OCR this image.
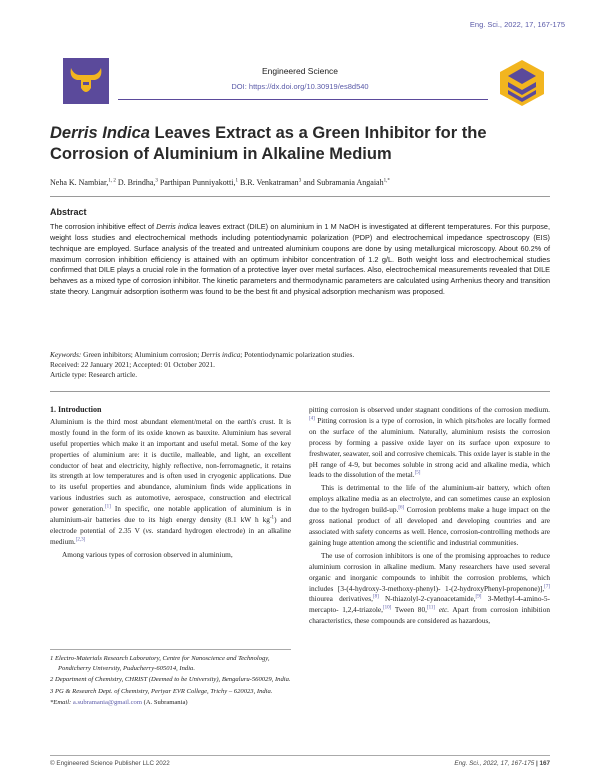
Eng. Sci., 2022, 17, 167-175
Engineered Science
DOI: https://dx.doi.org/10.30919/es8d540
Derris Indica Leaves Extract as a Green Inhibitor for the Corrosion of Aluminium in Alkaline Medium
Neha K. Nambiar,$^{1, 2}$ D. Brindha,$^3$ Parthipan Punniyakotti,$^1$ B.R. Venkatraman$^3$ and Subramania Angaiah$^{1,*}$
Abstract
The corrosion inhibitive effect of Derris indica leaves extract (DILE) on aluminium in 1 M NaOH is investigated at different temperatures. For this purpose, weight loss studies and electrochemical methods including potentiodynamic polarization (PDP) and electrochemical impedance spectroscopy (EIS) technique are employed. Surface analysis of the treated and untreated aluminium coupons are done by using metallurgical microscopy. About 60.2% of maximum corrosion inhibition efficiency is attained with an optimum inhibitor concentration of 1.2 g/L. Both weight loss and electrochemical studies confirmed that DILE plays a crucial role in the formation of a protective layer over metal surfaces. Also, electrochemical measurements revealed that DILE behaves as a mixed type of corrosion inhibitor. The kinetic parameters and thermodynamic parameters are calculated using Arrhenius theory and transition state theory. Langmuir adsorption isotherm was found to be the best fit and physical adsorption mechanism was proposed.
Keywords: Green inhibitors; Aluminium corrosion; Derris indica; Potentiodynamic polarization studies.
Received: 22 January 2021; Accepted: 01 October 2021.
Article type: Research article.
1. Introduction

Aluminium is the third most abundant element/metal on the earth's crust. It is mostly found in the form of its oxide known as bauxite. Aluminium has several useful properties which make it an important and useful metal. Some of the key properties of aluminium are: it is ductile, malleable, and light, an excellent conductor of heat and electricity, highly reflective, non-ferromagnetic, it retains its strength at low temperatures and is often used in cryogenic applications. Due to its useful properties and abundance, aluminium finds wide applications in various industries such as automotive, aerospace, construction and electrical power generation.[1] In specific, one notable application of aluminium is in aluminium-air batteries due to its high energy density (8.1 kW h $kg^{-1}$) and electrode potential of 2.35 V (vs. standard hydrogen electrode) in an alkaline medium.[2,3]

Among various types of corrosion observed in aluminium,

1 Electro-Materials Research Laboratory, Centre for Nanoscience and Technology, Pondicherry University, Puducherry-605014, India.

2 Department of Chemistry, CHRIST (Deemed to be University), Bengaluru-560029, India.

3 PG & Research Dept. of Chemistry, Periyar EVR College, Trichy – 620023, India.

*Email: a.subramania@gmail.com (A. Subramania)

pitting corrosion is observed under stagnant conditions of the corrosion medium.[4] Pitting corrosion is a type of corrosion, in which pits/holes are locally formed on the surface of the aluminium. Naturally, aluminium resists the corrosion process by forming a passive oxide layer on its surface upon exposure to freshwater, seawater, soil and corrosive chemicals. This oxide layer is stable in the pH range of 4-9, but becomes soluble in strong acid and alkaline media, which leads to the dissolution of the metal.[5]

This is detrimental to the life of the aluminium-air battery, which often employs alkaline media as an electrolyte, and can sometimes cause an explosion due to the hydrogen build-up.[6] Corrosion problems make a huge impact on the gross national product of all developed and developing countries and are associated with safety concerns as well. Hence, corrosion-controlling methods are gaining huge attention among the scientific and industrial communities.

The use of corrosion inhibitors is one of the promising approaches to reduce aluminium corrosion in alkaline medium. Many researchers have used several organic and inorganic compounds to inhibit the corrosion problems, which includes [3-(4-hydroxy-3-methoxy-phenyl)- 1-(2-hydroxyPhenyl-propenone)],[7] thiourea derivatives,[8] N-thiazolyl-2-cyanoacetamide,[9] 3-Methyl-4-amino-5- mercapto- 1,2,4-triazole,[10] Tween 80,[11] etc. Apart from corrosion inhibition characteristics, these compounds are considered as hazardous,

© Engineered Science Publisher LLC 2022	Eng. Sci., 2022, 17, 167-175 | 167
